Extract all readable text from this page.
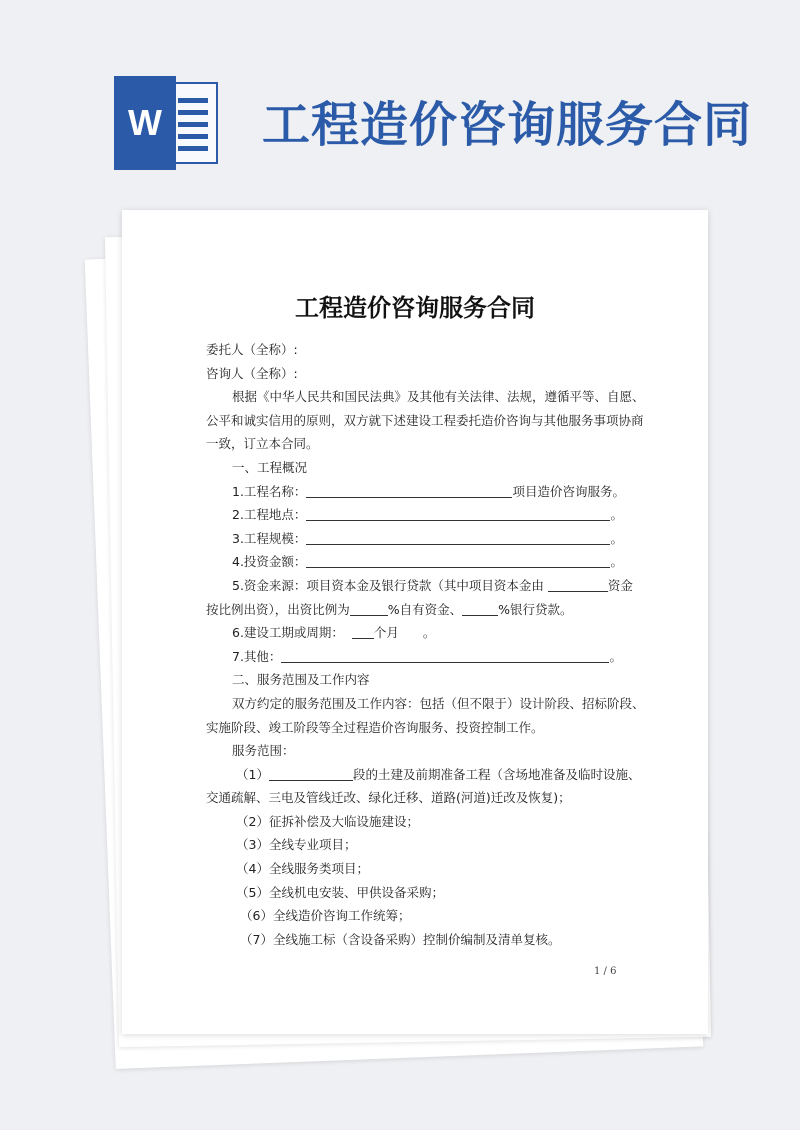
W 工程造价咨询服务合同
工程造价咨询服务合同
委托人（全称）:
咨询人（全称）:
根据《中华人民共和国民法典》及其他有关法律、法规，遵循平等、自愿、
公平和诚实信用的原则，双方就下述建设工程委托造价咨询与其他服务事项协商
一致，订立本合同。
一、工程概况
1.工程名称：	项目造价咨询服务。
2.工程地点：	。
3.工程规模：	。
4.投资金额：	。
5.资金来源：项目资本金及银行贷款（其中项目资本金由	资金
按比例出资），出资比例为	%自有资金、	%银行贷款。
6.建设工期或周期： 个月 。
7.其他：	。
二、服务范围及工作内容
双方约定的服务范围及工作内容：包括（但不限于）设计阶段、招标阶段、
实施阶段、竣工阶段等全过程造价咨询服务、投资控制工作。
服务范围：
（1）	段的土建及前期准备工程（含场地准备及临时设施、
交通疏解、三电及管线迁改、绿化迁移、道路(河道)迁改及恢复)；
（2）征拆补偿及大临设施建设；
（3）全线专业项目；
（4）全线服务类项目；
（5）全线机电安装、甲供设备采购；
（6）全线造价咨询工作统筹；
（7）全线施工标（含设备采购）控制价编制及清单复核。
1 / 6
